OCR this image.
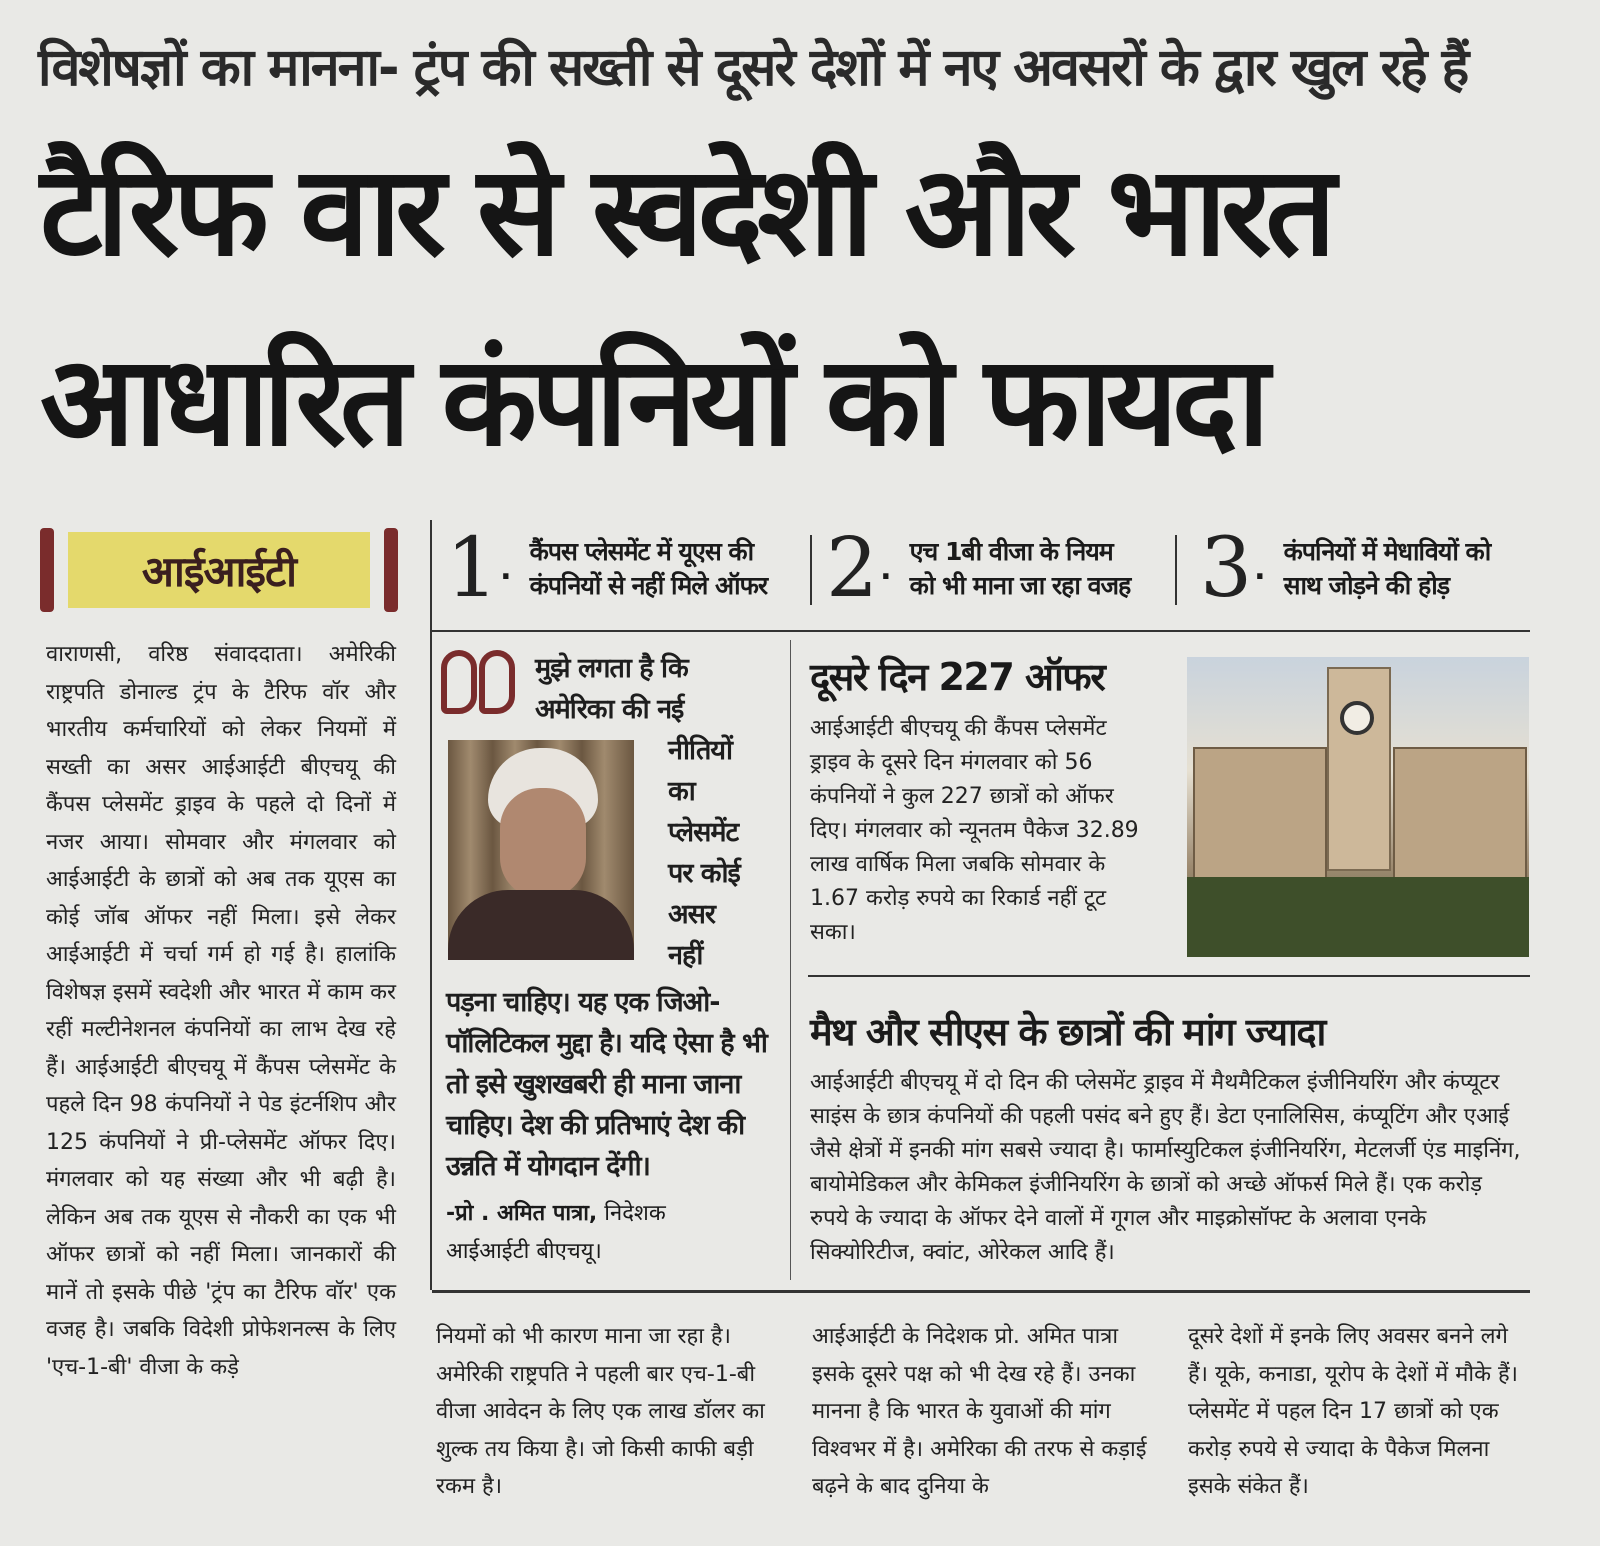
विशेषज्ञों का मानना- ट्रंप की सख्ती से दूसरे देशों में नए अवसरों के द्वार खुल रहे हैं
टैरिफ वार से स्वदेशी और भारत
आधारित कंपनियों को फायदा
आईआईटी
वाराणसी, वरिष्ठ संवाददाता। अमेरिकी राष्ट्रपति डोनाल्ड ट्रंप के टैरिफ वॉर और भारतीय कर्मचारियों को लेकर नियमों में सख्ती का असर आईआईटी बीएचयू की कैंपस प्लेसमेंट ड्राइव के पहले दो दिनों में नजर आया। सोमवार और मंगलवार को आईआईटी के छात्रों को अब तक यूएस का कोई जॉब ऑफर नहीं मिला। इसे लेकर आईआईटी में चर्चा गर्म हो गई है। हालांकि विशेषज्ञ इसमें स्वदेशी और भारत में काम कर रहीं मल्टीनेशनल कंपनियों का लाभ देख रहे हैं। आईआईटी बीएचयू में कैंपस प्लेसमेंट के पहले दिन 98 कंपनियों ने पेड इंटर्नशिप और 125 कंपनियों ने प्री-प्लेसमेंट ऑफर दिए। मंगलवार को यह संख्या और भी बढ़ी है। लेकिन अब तक यूएस से नौकरी का एक भी ऑफर छात्रों को नहीं मिला। जानकारों की मानें तो इसके पीछे 'ट्रंप का टैरिफ वॉर' एक वजह है। जबकि विदेशी प्रोफेशनल्स के लिए 'एच-1-बी' वीजा के कड़े
1 . कैंपस प्लेसमेंट में यूएस की
कंपनियों से नहीं मिले ऑफर 2 . एच 1बी वीजा के नियम
को भी माना जा रहा वजह 3 . कंपनियों में मेधावियों को
साथ जोड़ने की होड़
मुझे लगता है कि
अमेरिका की नई
नीतियों
का
प्लेसमेंट
पर कोई
असर
नहीं
पड़ना चाहिए। यह एक जिओ-पॉलिटिकल मुद्दा है। यदि ऐसा है भी तो इसे खुशखबरी ही माना जाना चाहिए। देश की प्रतिभाएं देश की उन्नति में योगदान देंगी।
-प्रो . अमित पात्रा, निदेशक
आईआईटी बीएचयू।
दूसरे दिन 227 ऑफर
आईआईटी बीएचयू की कैंपस प्लेसमेंट ड्राइव के दूसरे दिन मंगलवार को 56 कंपनियों ने कुल 227 छात्रों को ऑफर दिए। मंगलवार को न्यूनतम पैकेज 32.89 लाख वार्षिक मिला जबकि सोमवार के 1.67 करोड़ रुपये का रिकार्ड नहीं टूट सका।
मैथ और सीएस के छात्रों की मांग ज्यादा
आईआईटी बीएचयू में दो दिन की प्लेसमेंट ड्राइव में मैथमैटिकल इंजीनियरिंग और कंप्यूटर साइंस के छात्र कंपनियों की पहली पसंद बने हुए हैं। डेटा एनालिसिस, कंप्यूटिंग और एआई जैसे क्षेत्रों में इनकी मांग सबसे ज्यादा है। फार्मास्युटिकल इंजीनियरिंग, मेटलर्जी एंड माइनिंग, बायोमेडिकल और केमिकल इंजीनियरिंग के छात्रों को अच्छे ऑफर्स मिले हैं। एक करोड़ रुपये के ज्यादा के ऑफर देने वालों में गूगल और माइक्रोसॉफ्ट के अलावा एनके सिक्योरिटीज, क्वांट, ओरेकल आदि हैं।
नियमों को भी कारण माना जा रहा है। अमेरिकी राष्ट्रपति ने पहली बार एच-1-बी वीजा आवेदन के लिए एक लाख डॉलर का शुल्क तय किया है। जो किसी काफी बड़ी रकम है।
आईआईटी के निदेशक प्रो. अमित पात्रा इसके दूसरे पक्ष को भी देख रहे हैं। उनका मानना है कि भारत के युवाओं की मांग विश्वभर में है। अमेरिका की तरफ से कड़ाई बढ़ने के बाद दुनिया के
दूसरे देशों में इनके लिए अवसर बनने लगे हैं। यूके, कनाडा, यूरोप के देशों में मौके हैं। प्लेसमेंट में पहल दिन 17 छात्रों को एक करोड़ रुपये से ज्यादा के पैकेज मिलना इसके संकेत हैं।
